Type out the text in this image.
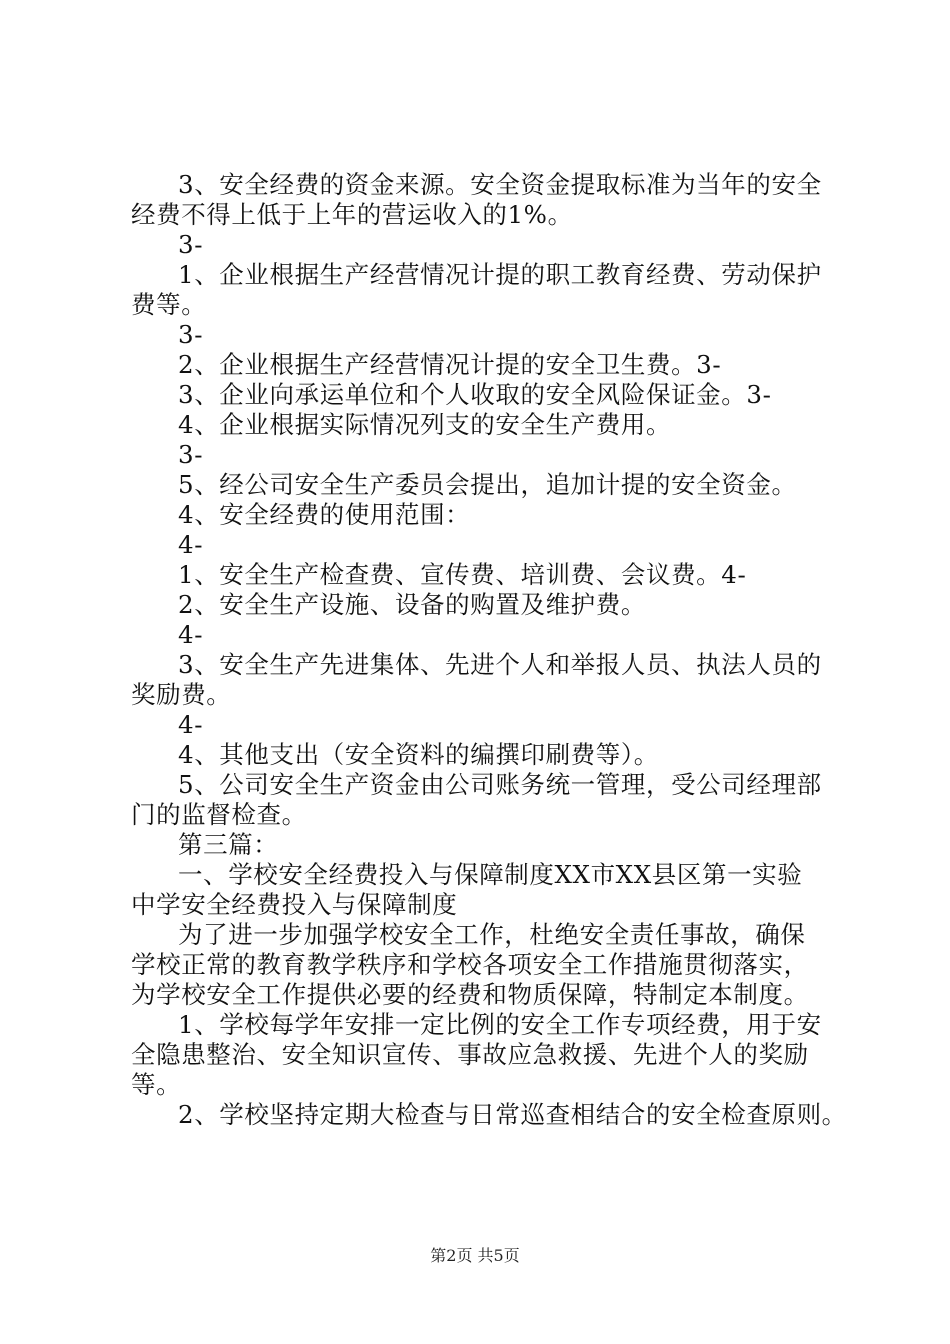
3、安全经费的资金来源。安全资金提取标准为当年的安全
经费不得上低于上年的营运收入的1%。
3-
1、企业根据生产经营情况计提的职工教育经费、劳动保护
费等。
3-
2、企业根据生产经营情况计提的安全卫生费。3-
3、企业向承运单位和个人收取的安全风险保证金。3-
4、企业根据实际情况列支的安全生产费用。
3-
5、经公司安全生产委员会提出，追加计提的安全资金。
4、安全经费的使用范围：
4-
1、安全生产检查费、宣传费、培训费、会议费。4-
2、安全生产设施、设备的购置及维护费。
4-
3、安全生产先进集体、先进个人和举报人员、执法人员的
奖励费。
4-
4、其他支出（安全资料的编撰印刷费等）。
5、公司安全生产资金由公司账务统一管理，受公司经理部
门的监督检查。
第三篇：
一、学校安全经费投入与保障制度XX市XX县区第一实验
中学安全经费投入与保障制度
为了进一步加强学校安全工作，杜绝安全责任事故，确保
学校正常的教育教学秩序和学校各项安全工作措施贯彻落实，
为学校安全工作提供必要的经费和物质保障，特制定本制度。
1、学校每学年安排一定比例的安全工作专项经费，用于安
全隐患整治、安全知识宣传、事故应急救援、先进个人的奖励
等。
2、学校坚持定期大检查与日常巡查相结合的安全检查原则。
第2页 共5页
